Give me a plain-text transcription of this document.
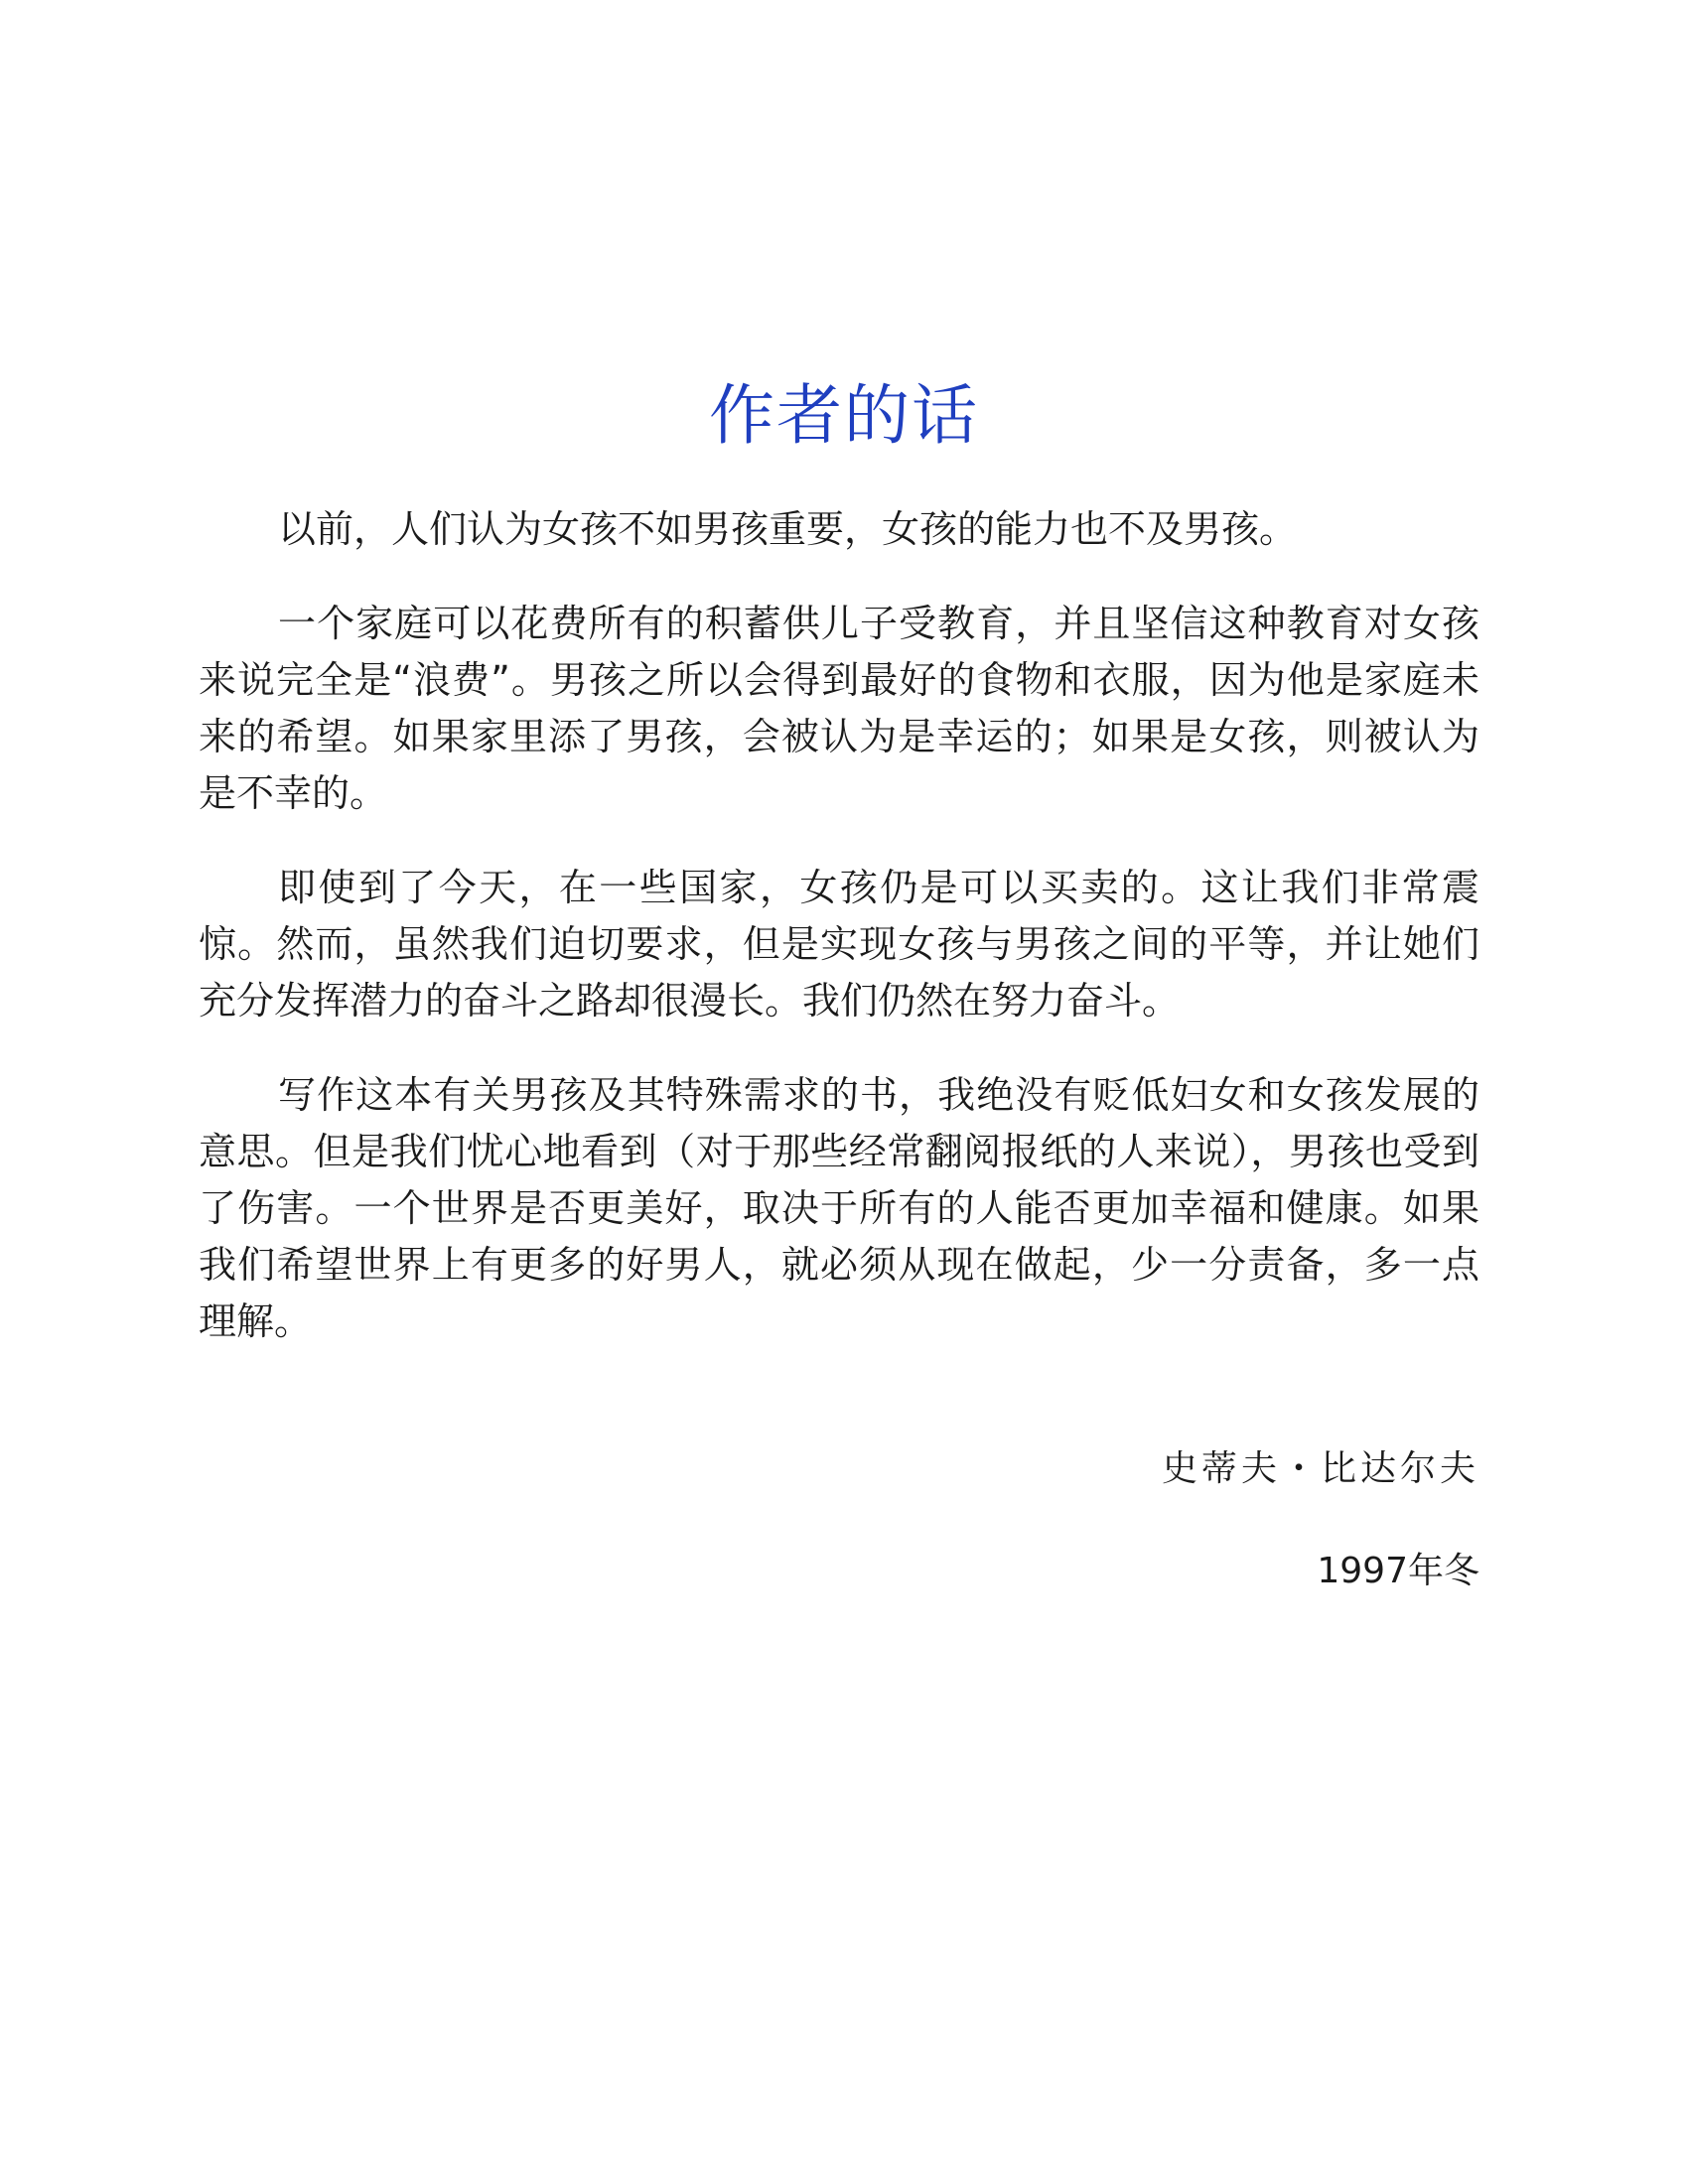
作者的话

以前，人们认为女孩不如男孩重要，女孩的能力也不及男孩。

一个家庭可以花费所有的积蓄供儿子受教育，并且坚信这种教育对女孩来说完全是“浪费”。男孩之所以会得到最好的食物和衣服，因为他是家庭未来的希望。如果家里添了男孩，会被认为是幸运的；如果是女孩，则被认为是不幸的。

即使到了今天，在一些国家，女孩仍是可以买卖的。这让我们非常震惊。然而，虽然我们迫切要求，但是实现女孩与男孩之间的平等，并让她们充分发挥潜力的奋斗之路却很漫长。我们仍然在努力奋斗。

写作这本有关男孩及其特殊需求的书，我绝没有贬低妇女和女孩发展的意思。但是我们忧心地看到（对于那些经常翻阅报纸的人来说），男孩也受到了伤害。一个世界是否更美好，取决于所有的人能否更加幸福和健康。如果我们希望世界上有更多的好男人，就必须从现在做起，少一分责备，多一点理解。

史蒂夫・比达尔夫
1997年冬
